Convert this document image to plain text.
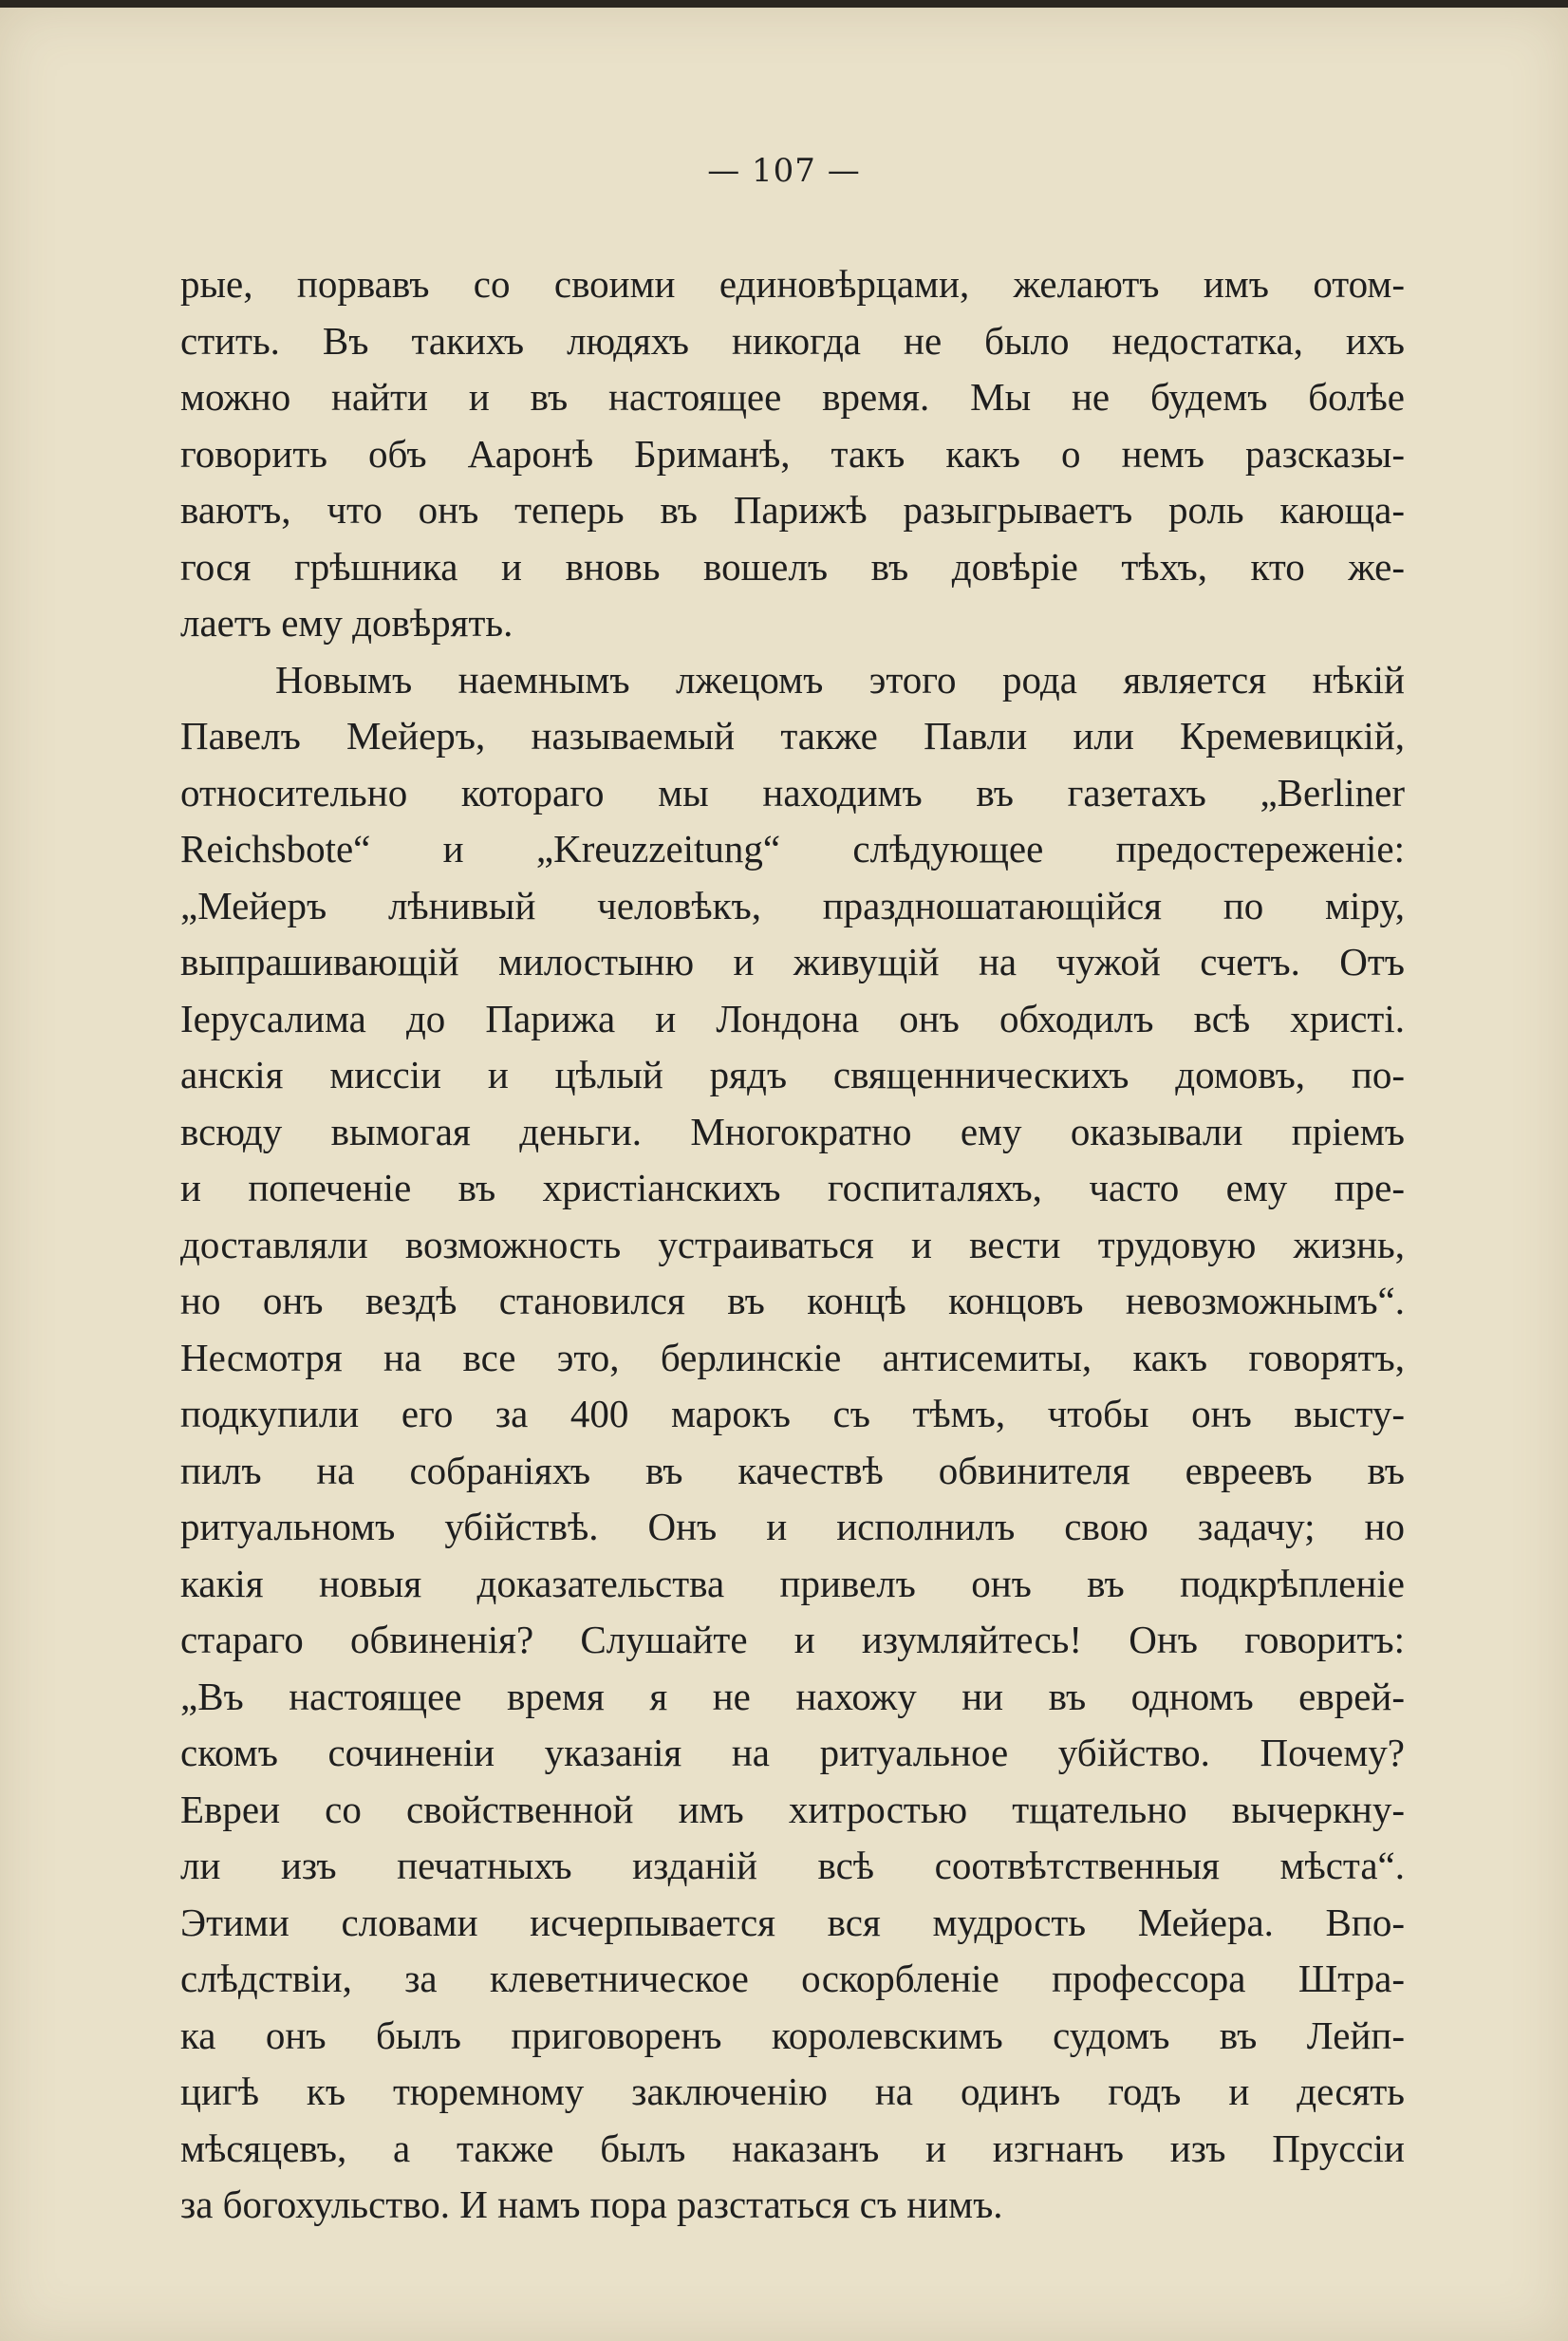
— 107 —
рые, порвавъ со своими единовѣрцами, желаютъ имъ отом-
стить. Въ такихъ людяхъ никогда не было недостатка, ихъ
можно найти и въ настоящее время. Мы не будемъ болѣе
говорить объ Ааронѣ Бриманѣ, такъ какъ о немъ разсказы-
ваютъ, что онъ теперь въ Парижѣ разыгрываетъ роль кающа-
гося грѣшника и вновь вошелъ въ довѣріе тѣхъ, кто же-
лаетъ ему довѣрять.
Новымъ наемнымъ лжецомъ этого рода является нѣкій
Павелъ Мейеръ, называемый также Павли или Кремевицкій,
относительно котораго мы находимъ въ газетахъ „Berliner
Reichsbote“ и „Kreuzzeitung“ слѣдующее предостереженіе:
„Мейеръ лѣнивый человѣкъ, праздношатающійся по міру,
выпрашивающій милостыню и живущій на чужой счетъ. Отъ
Іерусалима до Парижа и Лондона онъ обходилъ всѣ христі.
анскія миссіи и цѣлый рядъ священническихъ домовъ, по-
всюду вымогая деньги. Многократно ему оказывали пріемъ
и попеченіе въ христіанскихъ госпиталяхъ, часто ему пре-
доставляли возможность устраиваться и вести трудовую жизнь,
но онъ вездѣ становился въ концѣ концовъ невозможнымъ“.
Несмотря на все это, берлинскіе антисемиты, какъ говорятъ,
подкупили его за 400 марокъ съ тѣмъ, чтобы онъ высту-
пилъ на собраніяхъ въ качествѣ обвинителя евреевъ въ
ритуальномъ убійствѣ. Онъ и исполнилъ свою задачу; но
какія новыя доказательства привелъ онъ въ подкрѣпленіе
стараго обвиненія? Слушайте и изумляйтесь! Онъ говоритъ:
„Въ настоящее время я не нахожу ни въ одномъ еврей-
скомъ сочиненіи указанія на ритуальное убійство. Почему?
Евреи со свойственной имъ хитростью тщательно вычеркну-
ли изъ печатныхъ изданій всѣ соотвѣтственныя мѣста“.
Этими словами исчерпывается вся мудрость Мейера. Впо-
слѣдствіи, за клеветническое оскорбленіе профессора Штра-
ка онъ былъ приговоренъ королевскимъ судомъ въ Лейп-
цигѣ къ тюремному заключенію на одинъ годъ и десять
мѣсяцевъ, а также былъ наказанъ и изгнанъ изъ Пруссіи
за богохульство. И намъ пора разстаться съ нимъ.
